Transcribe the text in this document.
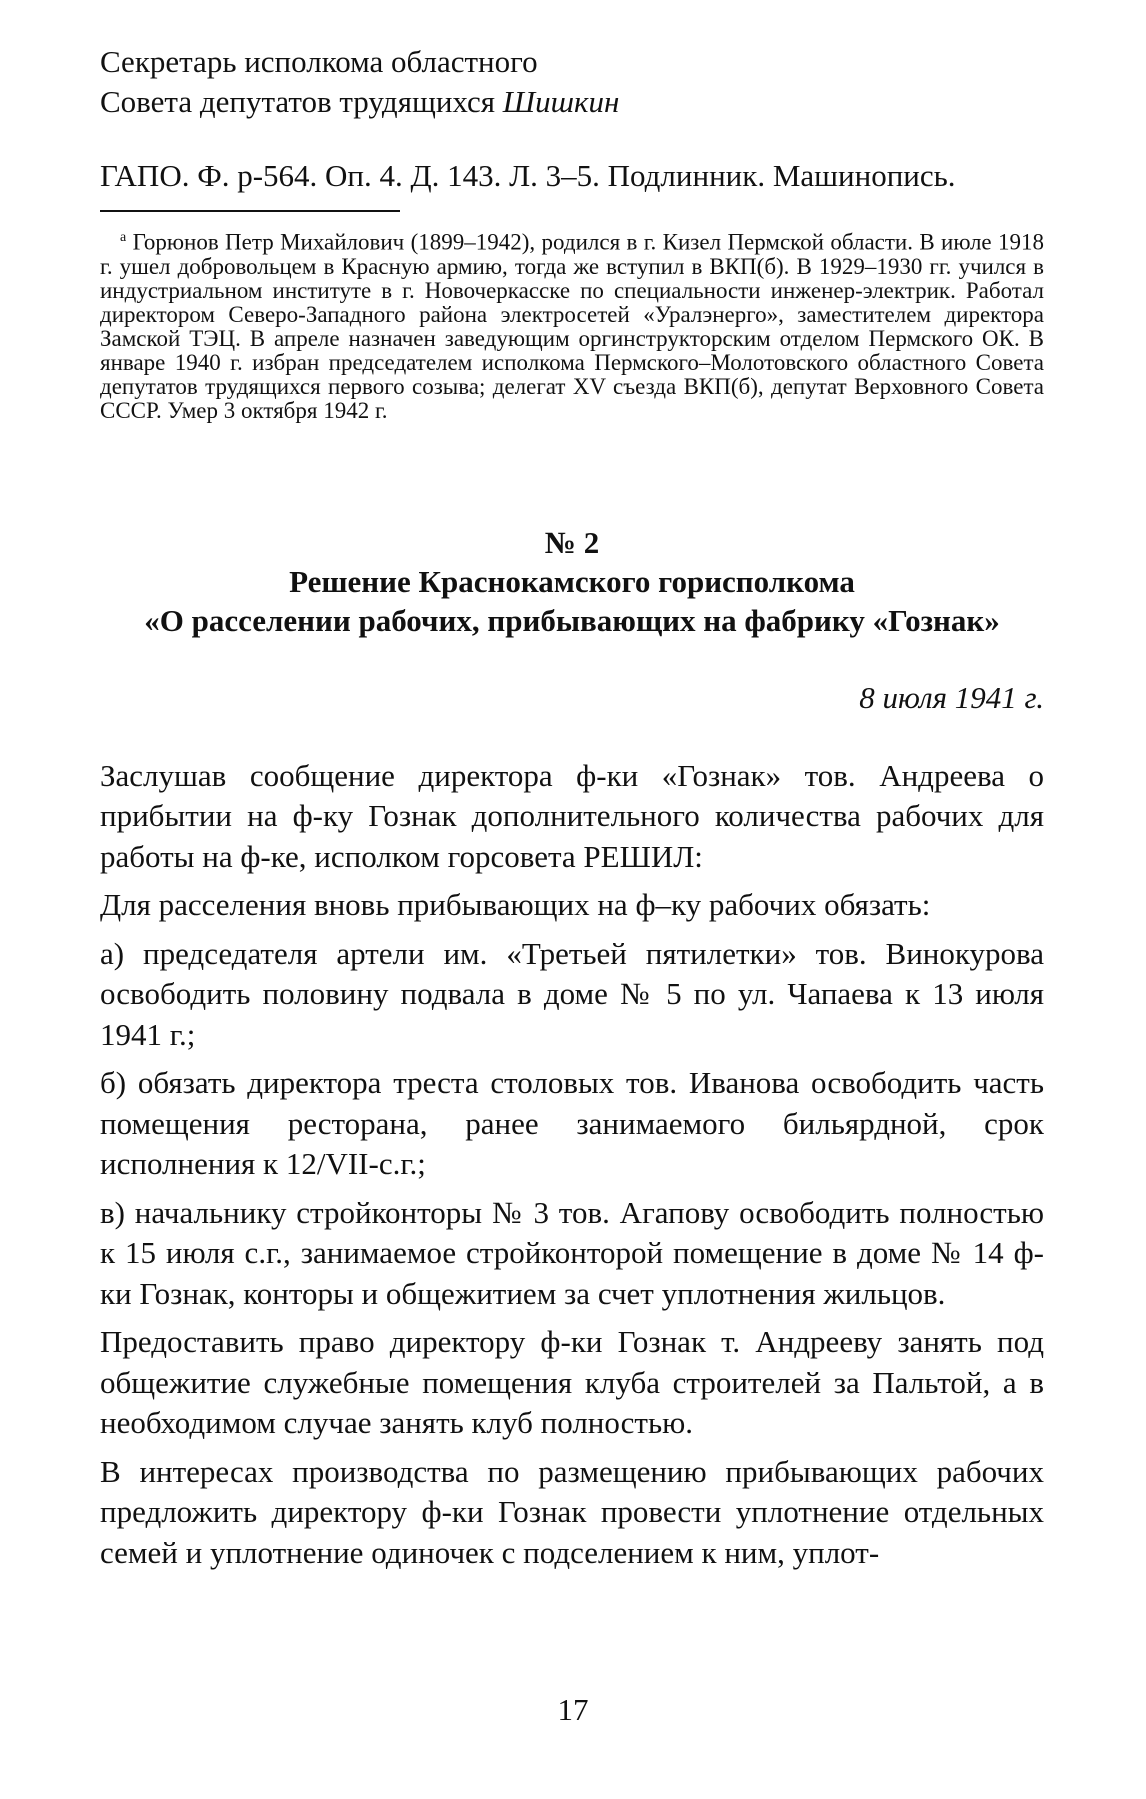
Секретарь исполкома областного

Совета депутатов трудящихся Шишкин

ГАПО. Ф. р-564. Оп. 4. Д. 143. Л. 3–5. Подлинник. Машинопись.

$^а$ Горюнов Петр Михайлович (1899–1942), родился в г. Кизел Пермской области. В июле 1918 г. ушел добровольцем в Красную армию, тогда же вступил в ВКП(б). В 1929–1930 гг. учился в индустриальном институте в г. Новочеркасске по специальности инженер-электрик. Работал директором Северо-Западного района электросетей «Уралэнерго», заместителем директора Замской ТЭЦ. В апреле назначен заведующим оргинструкторским отделом Пермского ОК. В январе 1940 г. избран председателем исполкома Пермского–Молотовского областного Совета депутатов трудящихся первого созыва; делегат XV съезда ВКП(б), депутат Верховного Совета СССР. Умер 3 октября 1942 г.

№ 2
Решение Краснокамского горисполкома
«О расселении рабочих, прибывающих на фабрику «Гознак»
8 июля 1941 г.

Заслушав сообщение директора ф-ки «Гознак» тов. Андреева о прибытии на ф-ку Гознак дополнительного количества рабочих для работы на ф-ке, исполком горсовета РЕШИЛ:

Для расселения вновь прибывающих на ф–ку рабочих обязать:

а) председателя артели им. «Третьей пятилетки» тов. Винокурова освободить половину подвала в доме № 5 по ул. Чапаева к 13 июля 1941 г.;

б) обязать директора треста столовых тов. Иванова освободить часть помещения ресторана, ранее занимаемого бильярдной, срок исполнения к 12/VII-с.г.;

в) начальнику стройконторы № 3 тов. Агапову освободить полностью к 15 июля с.г., занимаемое стройконторой помещение в доме № 14 ф-ки Гознак, конторы и общежитием за счет уплотнения жильцов.

Предоставить право директору ф-ки Гознак т. Андрееву занять под общежитие служебные помещения клуба строителей за Пальтой, а в необходимом случае занять клуб полностью.

В интересах производства по размещению прибывающих рабочих предложить директору ф-ки Гознак провести уплотнение отдельных семей и уплотнение одиночек с подселением к ним, уплот-

17
